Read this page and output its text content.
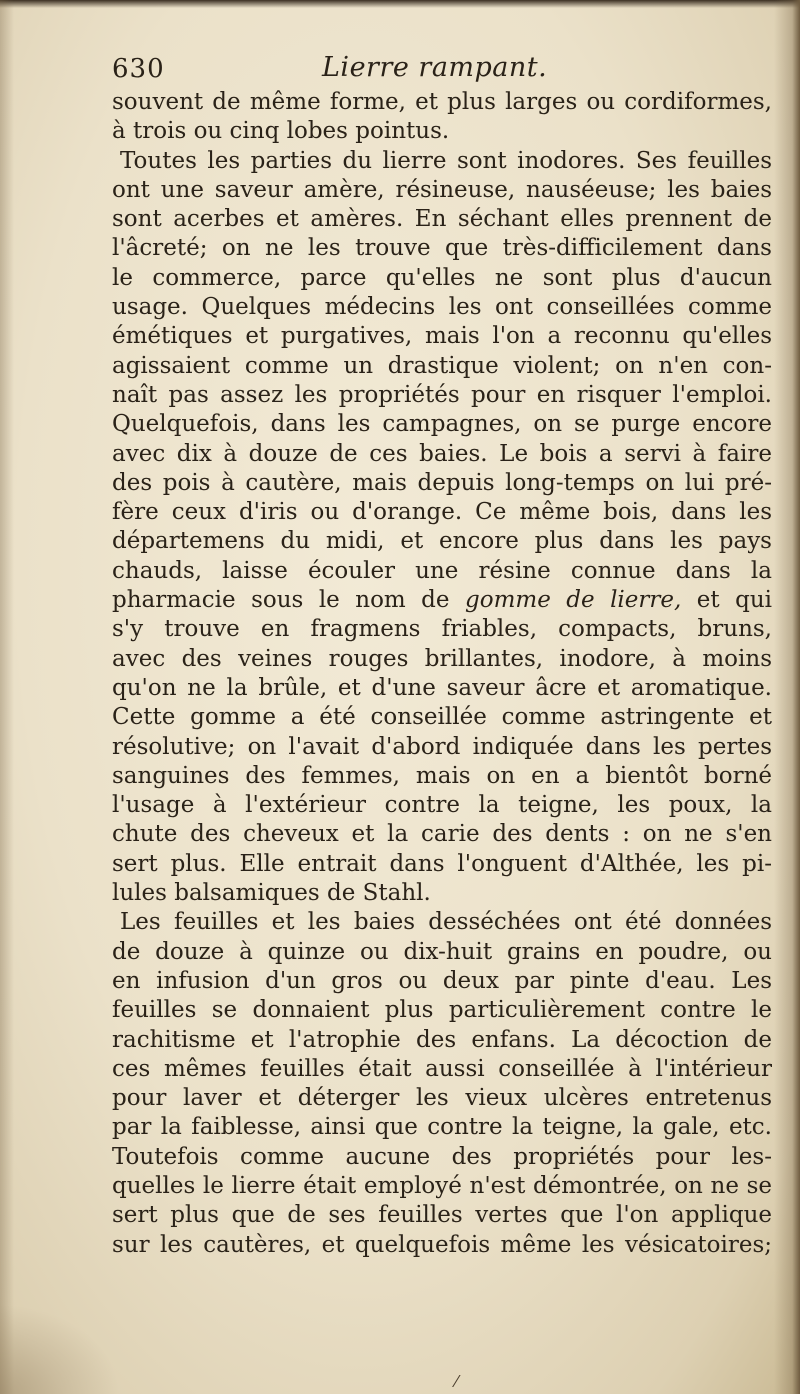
630	Lierre rampant.
souvent de même forme, et plus larges ou cordiformes,
à trois ou cinq lobes pointus.
Toutes les parties du lierre sont inodores. Ses feuilles
ont une saveur amère, résineuse, nauséeuse; les baies
sont acerbes et amères. En séchant elles prennent de
l'âcreté; on ne les trouve que très-difficilement dans
le commerce, parce qu'elles ne sont plus d'aucun
usage. Quelques médecins les ont conseillées comme
émétiques et purgatives, mais l'on a reconnu qu'elles
agissaient comme un drastique violent; on n'en con-
naît pas assez les propriétés pour en risquer l'emploi.
Quelquefois, dans les campagnes, on se purge encore
avec dix à douze de ces baies. Le bois a servi à faire
des pois à cautère, mais depuis long-temps on lui pré-
fère ceux d'iris ou d'orange. Ce même bois, dans les
départemens du midi, et encore plus dans les pays
chauds, laisse écouler une résine connue dans la
pharmacie sous le nom de gomme de lierre, et qui
s'y trouve en fragmens friables, compacts, bruns,
avec des veines rouges brillantes, inodore, à moins
qu'on ne la brûle, et d'une saveur âcre et aromatique.
Cette gomme a été conseillée comme astringente et
résolutive; on l'avait d'abord indiquée dans les pertes
sanguines des femmes, mais on en a bientôt borné
l'usage à l'extérieur contre la teigne, les poux, la
chute des cheveux et la carie des dents : on ne s'en
sert plus. Elle entrait dans l'onguent d'Althée, les pi-
lules balsamiques de Stahl.
Les feuilles et les baies desséchées ont été données
de douze à quinze ou dix-huit grains en poudre, ou
en infusion d'un gros ou deux par pinte d'eau. Les
feuilles se donnaient plus particulièrement contre le
rachitisme et l'atrophie des enfans. La décoction de
ces mêmes feuilles était aussi conseillée à l'intérieur
pour laver et déterger les vieux ulcères entretenus
par la faiblesse, ainsi que contre la teigne, la gale, etc.
Toutefois comme aucune des propriétés pour les-
quelles le lierre était employé n'est démontrée, on ne se
sert plus que de ses feuilles vertes que l'on applique
sur les cautères, et quelquefois même les vésicatoires;
⁄
